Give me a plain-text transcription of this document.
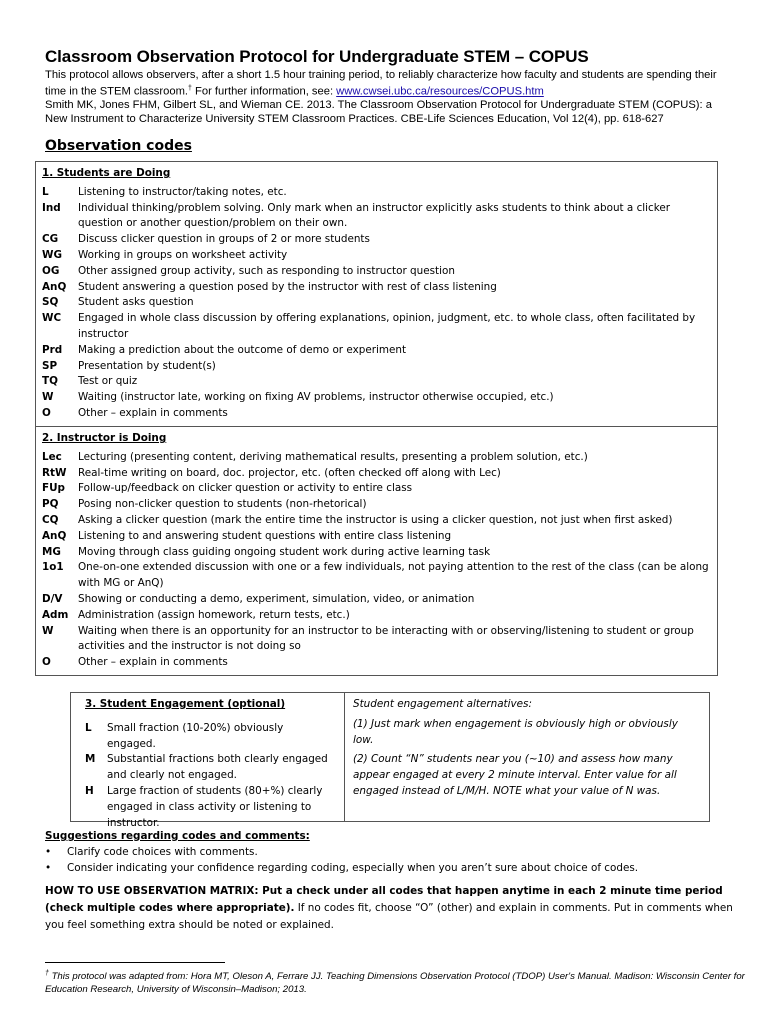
Classroom Observation Protocol for Undergraduate STEM – COPUS
This protocol allows observers, after a short 1.5 hour training period, to reliably characterize how faculty and students are spending their time in the STEM classroom.† For further information, see: www.cwsei.ubc.ca/resources/COPUS.htm
Smith MK, Jones FHM, Gilbert SL, and Wieman CE. 2013. The Classroom Observation Protocol for Undergraduate STEM (COPUS): a New Instrument to Characterize University STEM Classroom Practices. CBE-Life Sciences Education, Vol 12(4), pp. 618-627
Observation codes
1. Students are Doing
L	Listening to instructor/taking notes, etc.
Ind	Individual thinking/problem solving. Only mark when an instructor explicitly asks students to think about a clicker question or another question/problem on their own.
CG	Discuss clicker question in groups of 2 or more students
WG	Working in groups on worksheet activity
OG	Other assigned group activity, such as responding to instructor question
AnQ	Student answering a question posed by the instructor with rest of class listening
SQ	Student asks question
WC	Engaged in whole class discussion by offering explanations, opinion, judgment, etc. to whole class, often facilitated by instructor
Prd	Making a prediction about the outcome of demo or experiment
SP	Presentation by student(s)
TQ	Test or quiz
W	Waiting (instructor late, working on fixing AV problems, instructor otherwise occupied, etc.)
O	Other – explain in comments
2. Instructor is Doing
Lec	Lecturing (presenting content, deriving mathematical results, presenting a problem solution, etc.)
RtW	Real-time writing on board, doc. projector, etc. (often checked off along with Lec)
FUp	Follow-up/feedback on clicker question or activity to entire class
PQ	Posing non-clicker question to students (non-rhetorical)
CQ	Asking a clicker question (mark the entire time the instructor is using a clicker question, not just when first asked)
AnQ	Listening to and answering student questions with entire class listening
MG	Moving through class guiding ongoing student work during active learning task
1o1	One-on-one extended discussion with one or a few individuals, not paying attention to the rest of the class (can be along with MG or AnQ)
D/V	Showing or conducting a demo, experiment, simulation, video, or animation
Adm Administration (assign homework, return tests, etc.)
W	Waiting when there is an opportunity for an instructor to be interacting with or observing/listening to student or group activities and the instructor is not doing so
O	Other – explain in comments
3. Student Engagement (optional)
L	Small fraction (10-20%) obviously engaged.
M	Substantial fractions both clearly engaged and clearly not engaged.
H	Large fraction of students (80+%) clearly engaged in class activity or listening to instructor.

Student engagement alternatives:

(1) Just mark when engagement is obviously high or obviously low.

(2) Count “N” students near you (~10) and assess how many appear engaged at every 2 minute interval. Enter value for all engaged instead of L/M/H. NOTE what your value of N was.

Suggestions regarding codes and comments:
•	Clarify code choices with comments.
•	Consider indicating your confidence regarding coding, especially when you aren’t sure about choice of codes.
HOW TO USE OBSERVATION MATRIX: Put a check under all codes that happen anytime in each 2 minute time period (check multiple codes where appropriate). If no codes fit, choose “O” (other) and explain in comments. Put in comments when you feel something extra should be noted or explained.
† This protocol was adapted from: Hora MT, Oleson A, Ferrare JJ. Teaching Dimensions Observation Protocol (TDOP) User's Manual. Madison: Wisconsin Center for Education Research, University of Wisconsin–Madison; 2013.
